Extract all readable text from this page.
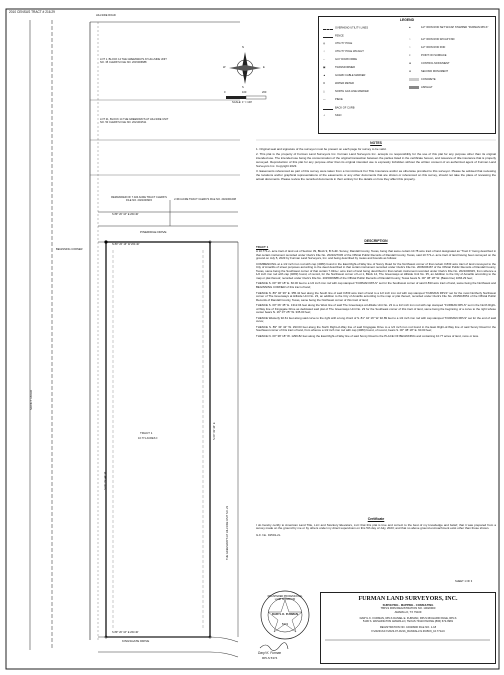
2010 CENSUS TRACT # 216.29
HILLSIDE ROAD
LOT 1, BLOCK 14 THE GREENWAYS AT HILLSIDE UNIT NO. 35 CLERK'S FILE NO. 2015006688
LOT 21, BLOCK 14 THE GREENWAYS AT HILLSIDE UNIT NO. 50 CLERK'S FILE NO. 2021001511
N
S
E
W
SCALE: 1" = 100'
0	100	200
REMAINDER OF 7.024 ACRE TRACT CLERK'S FILE NO. 2021000915	2.364 ACRE TRACT CLERK'S FILE NO. 2021001008
S 89° 26' 16" E 263.40'
PINERIDGE DRIVE
N 89° 26' 16" W 263.40'
BEGINNING CORNER
TRACT 1
10.771 ACRES ±
SONCY ROAD
S 00° 33' 44" W
N 00° 33' 44" E
THE GREENWAYS AT HILLSIDE UNIT NO. 23
KINGSGATE DRIVE
S 89° 26' 16" E 263.40'
LEGEND
OVERHEAD UTILITY LINES
FENCE
◎	UTILITY POLE
☼	UTILITY POLE W/LIGHT
←	GUY DOWN WIRE
▣	TRANSFORMER
▲	GUARD CABLE MARKER
⊡	WATER METER
△	NORTH GAS LINE MARKER
—	PIECE
BACK OF CURB
⊥	SIGN
●	1/2" IRON ROD SET W/CAP STAMPED "FURMAN RPLS"
○	1/2" IRON ROD W/CAP FND
○	1/2" IRON ROD FND
×	POINT ON SURFACE
⊕	CONTROL MONUMENT
⊗	SECOND MONUMENT
CONCRETE
ASPHALT
NOTES
1. Original seal and signature of the surveyor must be present on each page for survey to be valid.
2. This plat is the property of Furman Land Surveyors Inc. Furman Land Surveyors Inc. accepts no responsibility for the use of this plat for any purpose other than its original intended use. The intended use being the consummation of the original transaction between the parties listed in the certificate hereon, and issuance of title insurance that is properly surveyed. Reproduction of this plat for any purpose other than its original intended use is expressly forbidden without the written consent of an authorized agent of Furman Land Surveyors Inc. Copyright 2023.
3. Easements referenced as part of this survey were taken from a Commitment For Title Insurance and/or as otherwise provided to this surveyor. Please be advised that reviewing the locations and/or graphical representations of the easements or any other documents that are shown or referenced on this survey, should not take the place of reviewing the actual documents. Please review the recorded documents in their entirety for the details on how they affect this property.
DESCRIPTION
TRACT 1
A 10.771+/- acre tract of land out of Section 39, Block 9, B.S.&F. Survey, Randall County, Texas, being that same certain 10.78 acre tract of land designated as "Tract 1" being described in that certain instrument recorded under Clerk's File No. 2021027045 of the Official Public Records of Randall County, Texas, said 10.771+/- acre tract of land having been surveyed on the ground on July 5, 2023 by Furman Land Surveyors, Inc. and being described by metes and bounds as follows:
COMMENCING at a 1/2 inch iron rod with cap (4083) found in the East Right-of-Way line of Soncy Road for the Northwest corner of that certain 0.833 acre tract of land conveyed to the City of Amarillo of street purposes according to the deed described in that certain instrument recorded under Clerk's File No. 2006006467 of the Official Public Records of Randall County, Texas, same being the Southwest corner of that certain 7.024+/- acre tract of land being described in that certain instrument recorded under Clerk's File No. 2021000915, from whence a 1/2 inch iron rod with cap (4083) found, of record, for the Northwest corner of Lot 1, Block 14, The Greenways at Hillside Unit No. 35, an Addition to the City of Amarillo according to the map or plat thereof, recorded under Clerk's File No. 2015006688 of the Official Public Records of Randall County, Texas bears N. 00° 38' 18" W. (Basis line) 1066.29 feet;
THENCE S. 00° 38' 18" E. 60.00 feet to a 1/2 inch iron rod with cap stamped "FURMAN RPLS" set for the Southwest corner of said 0.833 acre tract of land, same being the Northwest and BEGINNING CORNER of this tract of land;
THENCE N. 89° 46' 39" E. 355.42 feet along the South line of said 0.833 acre tract of land to a 1/2 inch iron rod with cap stamped "FURMAN RPLS" set for the most Northerly Northwest corner of The Greenways at Hillside Unit No. 23, an addition to the City of Amarillo according to the map or plat thereof, recorded under Clerk's File No. 2015016551 of the Official Public Records of Randall County, Texas, same being the Northeast corner of this tract of land;
THENCE S. 00° 06' 45" E. 1312.04 feet along the West line of said The Greenways at Hillside Unit No. 23 to a 1/2 inch iron rod with cap stamped "FURMAN RPLS" set in the North Right-of-Way line of Kingsgate Drive as dedicated said plat of The Greenways Unit No. 23 for the Southeast corner of this tract of land, same being the beginning of a curve to the right whose center bears N. 16° 07' 25" W. 335.00 feet;
THENCE Westerly 92.61 feet along said curve to the right with a long chord of S. 81° 42' 16" W. 92.89 feet to a 1/2 inch iron rod with cap stamped "FURMAN RPLS" set for the end of said curve;
THENCE S. 89° 33' 42" W. 293.63 feet along the North Right-of-Way line of said Kingsgate Drive to a 1/2 inch iron rod found in the East Right-of-Way line of said Soncy Road for the Southwest corner of this tract of land, from whence a 1/2 inch iron rod with cap (4083) found, of record, bears S. 00° 38' 18" E. 60.00 feet;
THENCE N. 00° 38' 18" W. 1299.82 feet along the East Right-of-Way line of said Soncy Road to the PLACE OF BEGINNING and containing 10.77 acres of land, more or less.
Certificate
I do hereby certify to American Land Title, LLC and Stockury Elevators, LLC that this plat is true and correct to the best of my knowledge and belief; that it was prepared from a survey made on the ground by me or by others under my direct supervision on this 5th day of July, 2023; and that no above ground encroachment exist other than those shown.
G.F. No. 91501-2L
SHEET 1 OF 3
REGISTERED PROFESSIONAL LAND SURVEYOR
DARYL K. FURMAN
5374
Daryl K. Furman
RPLS 5374
FURMAN LAND SURVEYORS, INC.
SURVEYING - MAPPING - CONSULTING
TBPLS FIRM REGISTRATION NO. 10020900
AMARILLO, TX 79109
DARYL K. FURMAN, RPLS DANIEL E. FURMAN, RPLS RICHARD PAGE, RPLS
5106 S. WASHINGTON AMARILLO, TEXAS 79110 PHONE (806) 672-9981
REGISTRATION NO. 10020900 FILE NO. 1-18
X:\2023\JULY\2023-07-0\21b_RANDALL\S.39.BK9_10.771AC
